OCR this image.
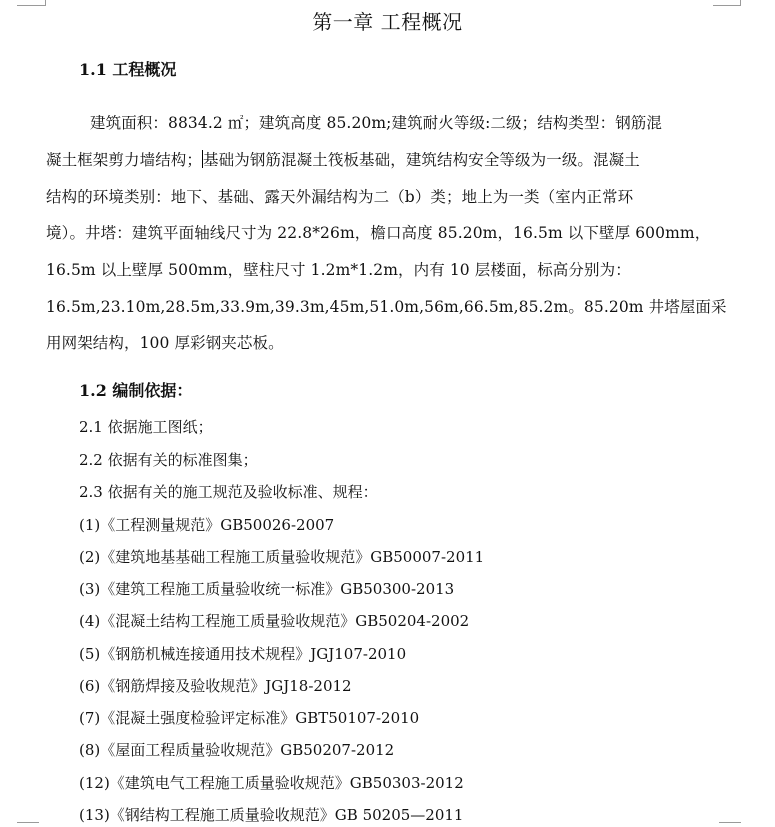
第一章 工程概况
1.1 工程概况
建筑面积：8834.2 ㎡；建筑高度 85.20m;建筑耐火等级:二级；结构类型：钢筋混
凝土框架剪力墙结构；基础为钢筋混凝土筏板基础，建筑结构安全等级为一级。混凝土
结构的环境类别：地下、基础、露天外漏结构为二（b）类；地上为一类（室内正常环
境）。井塔：建筑平面轴线尺寸为 22.8*26m，檐口高度 85.20m，16.5m 以下壁厚 600mm，
16.5m 以上壁厚 500mm，壁柱尺寸 1.2m*1.2m，内有 10 层楼面，标高分别为：
16.5m,23.10m,28.5m,33.9m,39.3m,45m,51.0m,56m,66.5m,85.2m。85.20m 井塔屋面采
用网架结构，100 厚彩钢夹芯板。
1.2 编制依据：
2.1 依据施工图纸；
2.2 依据有关的标准图集；
2.3 依据有关的施工规范及验收标准、规程：
(1)《工程测量规范》GB50026-2007
(2)《建筑地基基础工程施工质量验收规范》GB50007-2011
(3)《建筑工程施工质量验收统一标准》GB50300-2013
(4)《混凝土结构工程施工质量验收规范》GB50204-2002
(5)《钢筋机械连接通用技术规程》JGJ107-2010
(6)《钢筋焊接及验收规范》JGJ18-2012
(7)《混凝土强度检验评定标准》GBT50107-2010
(8)《屋面工程质量验收规范》GB50207-2012
(12)《建筑电气工程施工质量验收规范》GB50303-2012
(13)《钢结构工程施工质量验收规范》GB 50205—2011
